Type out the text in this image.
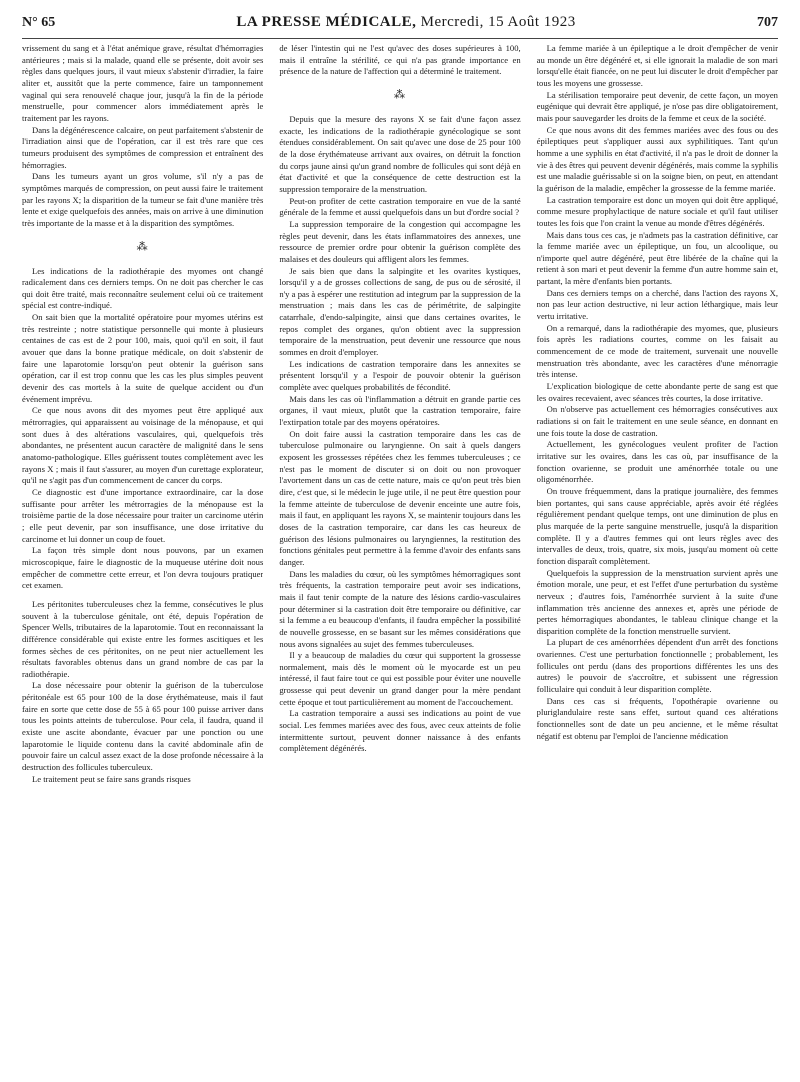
N° 65	LA PRESSE MÉDICALE, Mercredi, 15 Août 1923	707

vrissement du sang et à l'état anémique grave, résultat d'hémorragies antérieures ; mais si la malade, quand elle se présente, doit avoir ses règles dans quelques jours, il vaut mieux s'abstenir d'irradier, la faire aliter et, aussitôt que la perte commence, faire un tamponnement vaginal qui sera renouvelé chaque jour, jusqu'à la fin de la période menstruelle, pour commencer alors immédiatement après le traitement par les rayons.

Dans la dégénérescence calcaire, on peut parfaitement s'abstenir de l'irradiation ainsi que de l'opération, car il est très rare que ces tumeurs produisent des symptômes de compression et entraînent des hémorragies.

Dans les tumeurs ayant un gros volume, s'il n'y a pas de symptômes marqués de compression, on peut aussi faire le traitement par les rayons X; la disparition de la tumeur se fait d'une manière très lente et exige quelquefois des années, mais on arrive à une diminution très importante de la masse et à la disparition des symptômes.

⁂

Les indications de la radiothérapie des myomes ont changé radicalement dans ces derniers temps. On ne doit pas chercher le cas qui doit être traité, mais reconnaître seulement celui où ce traitement spécial est contre-indiqué.

On sait bien que la mortalité opératoire pour myomes utérins est très restreinte ; notre statistique personnelle qui monte à plusieurs centaines de cas est de 2 pour 100, mais, quoi qu'il en soit, il faut avouer que dans la bonne pratique médicale, on doit s'abstenir de faire une laparotomie lorsqu'on peut obtenir la guérison sans opération, car il est trop connu que les cas les plus simples peuvent devenir des cas mortels à la suite de quelque accident ou d'un événement imprévu.

Ce que nous avons dit des myomes peut être appliqué aux métrorragies, qui apparaissent au voisinage de la ménopause, et qui sont dues à des altérations vasculaires, qui, quelquefois très abondantes, ne présentent aucun caractère de malignité dans le sens anatomo-pathologique. Elles guérissent toutes complètement avec les rayons X ; mais il faut s'assurer, au moyen d'un curettage explorateur, qu'il ne s'agit pas d'un commencement de cancer du corps.

Ce diagnostic est d'une importance extraordinaire, car la dose suffisante pour arrêter les métrorragies de la ménopause est la troisième partie de la dose nécessaire pour traiter un carcinome utérin ; elle peut devenir, par son insuffisance, une dose irritative du carcinome et lui donner un coup de fouet.

La façon très simple dont nous pouvons, par un examen microscopique, faire le diagnostic de la muqueuse utérine doit nous empêcher de commettre cette erreur, et l'on devra toujours pratiquer cet examen.

Les péritonites tuberculeuses chez la femme, consécutives le plus souvent à la tuberculose génitale, ont été, depuis l'opération de Spencer Wells, tributaires de la laparotomie. Tout en reconnaissant la différence considérable qui existe entre les formes ascitiques et les formes sèches de ces péritonites, on ne peut nier actuellement les résultats favorables obtenus dans un grand nombre de cas par la radiothérapie.

La dose nécessaire pour obtenir la guérison de la tuberculose péritonéale est 65 pour 100 de la dose érythémateuse, mais il faut faire en sorte que cette dose de 55 à 65 pour 100 puisse arriver dans tous les points atteints de tuberculose. Pour cela, il faudra, quand il existe une ascite abondante, évacuer par une ponction ou une laparotomie le liquide contenu dans la cavité abdominale afin de pouvoir faire un calcul assez exact de la dose profonde nécessaire à la destruction des follicules tuberculeux.

Le traitement peut se faire sans grands risques

de léser l'intestin qui ne l'est qu'avec des doses supérieures à 100, mais il entraîne la stérilité, ce qui n'a pas grande importance en présence de la nature de l'affection qui a déterminé le traitement.

⁂

Depuis que la mesure des rayons X se fait d'une façon assez exacte, les indications de la radiothérapie gynécologique se sont étendues considérablement. On sait qu'avec une dose de 25 pour 100 de la dose érythémateuse arrivant aux ovaires, on détruit la fonction du corps jaune ainsi qu'un grand nombre de follicules qui sont déjà en état d'activité et que la conséquence de cette destruction est la suppression temporaire de la menstruation.

Peut-on profiter de cette castration temporaire en vue de la santé générale de la femme et aussi quelquefois dans un but d'ordre social ?

La suppression temporaire de la congestion qui accompagne les règles peut devenir, dans les états inflammatoires des annexes, une ressource de premier ordre pour obtenir la guérison complète des malaises et des douleurs qui affligent alors les femmes.

Je sais bien que dans la salpingite et les ovarites kystiques, lorsqu'il y a de grosses collections de sang, de pus ou de sérosité, il n'y a pas à espérer une restitution ad integrum par la suppression de la menstruation ; mais dans les cas de périmétrite, de salpingite catarrhale, d'endo-salpingite, ainsi que dans certaines ovarites, le repos complet des organes, qu'on obtient avec la suppression temporaire de la menstruation, peut devenir une ressource que nous sommes en droit d'employer.

Les indications de castration temporaire dans les annexites se présentent lorsqu'il y a l'espoir de pouvoir obtenir la guérison complète avec quelques probabilités de fécondité.

Mais dans les cas où l'inflammation a détruit en grande partie ces organes, il vaut mieux, plutôt que la castration temporaire, faire l'extirpation totale par des moyens opératoires.

On doit faire aussi la castration temporaire dans les cas de tuberculose pulmonaire ou laryngienne. On sait à quels dangers exposent les grossesses répétées chez les femmes tuberculeuses ; ce n'est pas le moment de discuter si on doit ou non provoquer l'avortement dans un cas de cette nature, mais ce qu'on peut très bien dire, c'est que, si le médecin le juge utile, il ne peut être question pour la femme atteinte de tuberculose de devenir enceinte une autre fois, mais il faut, en appliquant les rayons X, se maintenir toujours dans les doses de la castration temporaire, car dans les cas heureux de guérison des lésions pulmonaires ou laryngiennes, la restitution des fonctions génitales peut permettre à la femme d'avoir des enfants sans danger.

Dans les maladies du cœur, où les symptômes hémorragiques sont très fréquents, la castration temporaire peut avoir ses indications, mais il faut tenir compte de la nature des lésions cardio-vasculaires pour déterminer si la castration doit être temporaire ou définitive, car si la femme a eu beaucoup d'enfants, il faudra empêcher la possibilité de nouvelle grossesse, en se basant sur les mêmes considérations que nous avons signalées au sujet des femmes tuberculeuses.

Il y a beaucoup de maladies du cœur qui supportent la grossesse normalement, mais dès le moment où le myocarde est un peu intéressé, il faut faire tout ce qui est possible pour éviter une nouvelle grossesse qui peut devenir un grand danger pour la mère pendant cette époque et tout particulièrement au moment de l'accouchement.

La castration temporaire a aussi ses indications au point de vue social. Les femmes mariées avec des fous, avec ceux atteints de folie intermittente surtout, peuvent donner naissance à des enfants complètement dégénérés.

La femme mariée à un épileptique a le droit d'empêcher de venir au monde un être dégénéré et, si elle ignorait la maladie de son mari lorsqu'elle était fiancée, on ne peut lui discuter le droit d'empêcher par tous les moyens une grossesse.

La stérilisation temporaire peut devenir, de cette façon, un moyen eugénique qui devrait être appliqué, je n'ose pas dire obligatoirement, mais pour sauvegarder les droits de la femme et ceux de la société.

Ce que nous avons dit des femmes mariées avec des fous ou des épileptiques peut s'appliquer aussi aux syphilitiques. Tant qu'un homme a une syphilis en état d'activité, il n'a pas le droit de donner la vie à des êtres qui peuvent devenir dégénérés, mais comme la syphilis est une maladie guérissable si on la soigne bien, on peut, en attendant la guérison de la maladie, empêcher la grossesse de la femme mariée.

La castration temporaire est donc un moyen qui doit être appliqué, comme mesure prophylactique de nature sociale et qu'il faut utiliser toutes les fois que l'on craint la venue au monde d'êtres dégénérés.

Mais dans tous ces cas, je n'admets pas la castration définitive, car la femme mariée avec un épileptique, un fou, un alcoolique, ou n'importe quel autre dégénéré, peut être libérée de la chaîne qui la retient à son mari et peut devenir la femme d'un autre homme sain et, partant, la mère d'enfants bien portants.

Dans ces derniers temps on a cherché, dans l'action des rayons X, non pas leur action destructive, ni leur action léthargique, mais leur vertu irritative.

On a remarqué, dans la radiothérapie des myomes, que, plusieurs fois après les radiations courtes, comme on les faisait au commencement de ce mode de traitement, survenait une nouvelle menstruation très abondante, avec les caractères d'une ménorragie très intense.

L'explication biologique de cette abondante perte de sang est que les ovaires recevaient, avec séances très courtes, la dose irritative.

On n'observe pas actuellement ces hémorragies consécutives aux radiations si on fait le traitement en une seule séance, en donnant en une fois toute la dose de castration.

Actuellement, les gynécologues veulent profiter de l'action irritative sur les ovaires, dans les cas où, par insuffisance de la fonction ovarienne, se produit une aménorrhée totale ou une oligoménorrhée.

On trouve fréquemment, dans la pratique journalière, des femmes bien portantes, qui sans cause appréciable, après avoir été réglées régulièrement pendant quelque temps, ont une diminution de plus en plus marquée de la perte sanguine menstruelle, jusqu'à la disparition complète. Il y a d'autres femmes qui ont leurs règles avec des intervalles de deux, trois, quatre, six mois, jusqu'au moment où cette fonction disparaît complètement.

Quelquefois la suppression de la menstruation survient après une émotion morale, une peur, et est l'effet d'une perturbation du système nerveux ; d'autres fois, l'aménorrhée survient à la suite d'une inflammation très ancienne des annexes et, après une période de pertes hémorragiques abondantes, le tableau clinique change et la disparition complète de la fonction menstruelle survient.

La plupart de ces aménorrhées dépendent d'un arrêt des fonctions ovariennes. C'est une perturbation fonctionnelle ; probablement, les follicules ont perdu (dans des proportions différentes les uns des autres) le pouvoir de s'accroître, et subissent une régression folliculaire qui conduit à leur disparition complète.

Dans ces cas si fréquents, l'opothérapie ovarienne ou pluriglandulaire reste sans effet, surtout quand ces altérations fonctionnelles sont de date un peu ancienne, et le même résultat négatif est obtenu par l'emploi de l'ancienne médication
